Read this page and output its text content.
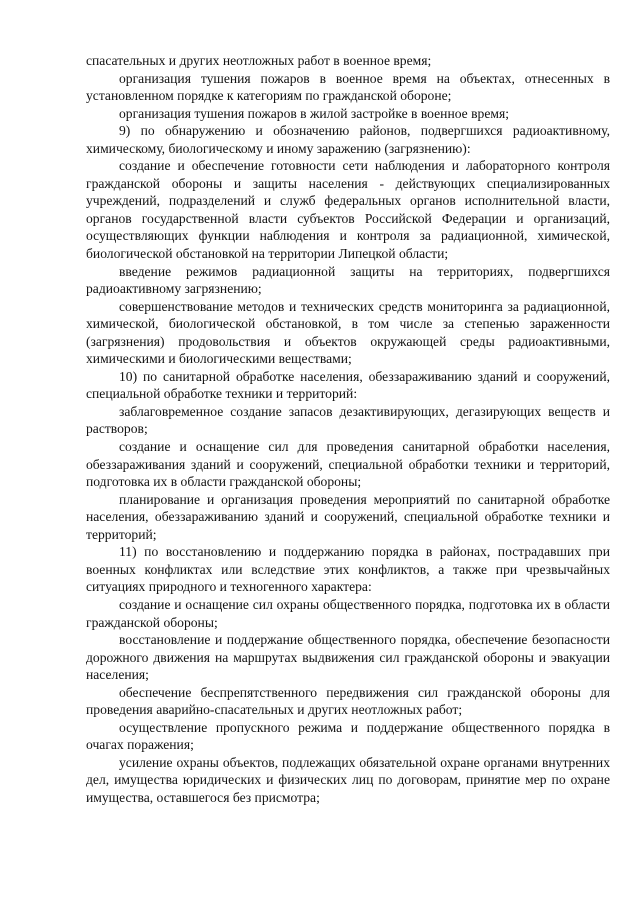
спасательных и других неотложных работ в военное время;

организация тушения пожаров в военное время на объектах, отнесенных в установленном порядке к категориям по гражданской обороне;

организация тушения пожаров в жилой застройке в военное время;

9) по обнаружению и обозначению районов, подвергшихся радиоактивному, химическому, биологическому и иному заражению (загрязнению):

создание и обеспечение готовности сети наблюдения и лабораторного контроля гражданской обороны и защиты населения - действующих специализированных учреждений, подразделений и служб федеральных органов исполнительной власти, органов государственной власти субъектов Российской Федерации и организаций, осуществляющих функции наблюдения и контроля за радиационной, химической, биологической обстановкой на территории Липецкой области;

введение режимов радиационной защиты на территориях, подвергшихся радиоактивному загрязнению;

совершенствование методов и технических средств мониторинга за радиационной, химической, биологической обстановкой, в том числе за степенью зараженности (загрязнения) продовольствия и объектов окружающей среды радиоактивными, химическими и биологическими веществами;

10) по санитарной обработке населения, обеззараживанию зданий и сооружений, специальной обработке техники и территорий:

заблаговременное создание запасов дезактивирующих, дегазирующих веществ и растворов;

создание и оснащение сил для проведения санитарной обработки населения, обеззараживания зданий и сооружений, специальной обработки техники и территорий, подготовка их в области гражданской обороны;

планирование и организация проведения мероприятий по санитарной обработке населения, обеззараживанию зданий и сооружений, специальной обработке техники и территорий;

11) по восстановлению и поддержанию порядка в районах, пострадавших при военных конфликтах или вследствие этих конфликтов, а также при чрезвычайных ситуациях природного и техногенного характера:

создание и оснащение сил охраны общественного порядка, подготовка их в области гражданской обороны;

восстановление и поддержание общественного порядка, обеспечение безопасности дорожного движения на маршрутах выдвижения сил гражданской обороны и эвакуации населения;

обеспечение беспрепятственного передвижения сил гражданской обороны для проведения аварийно-спасательных и других неотложных работ;

осуществление пропускного режима и поддержание общественного порядка в очагах поражения;

усиление охраны объектов, подлежащих обязательной охране органами внутренних дел, имущества юридических и физических лиц по договорам, принятие мер по охране имущества, оставшегося без присмотра;
